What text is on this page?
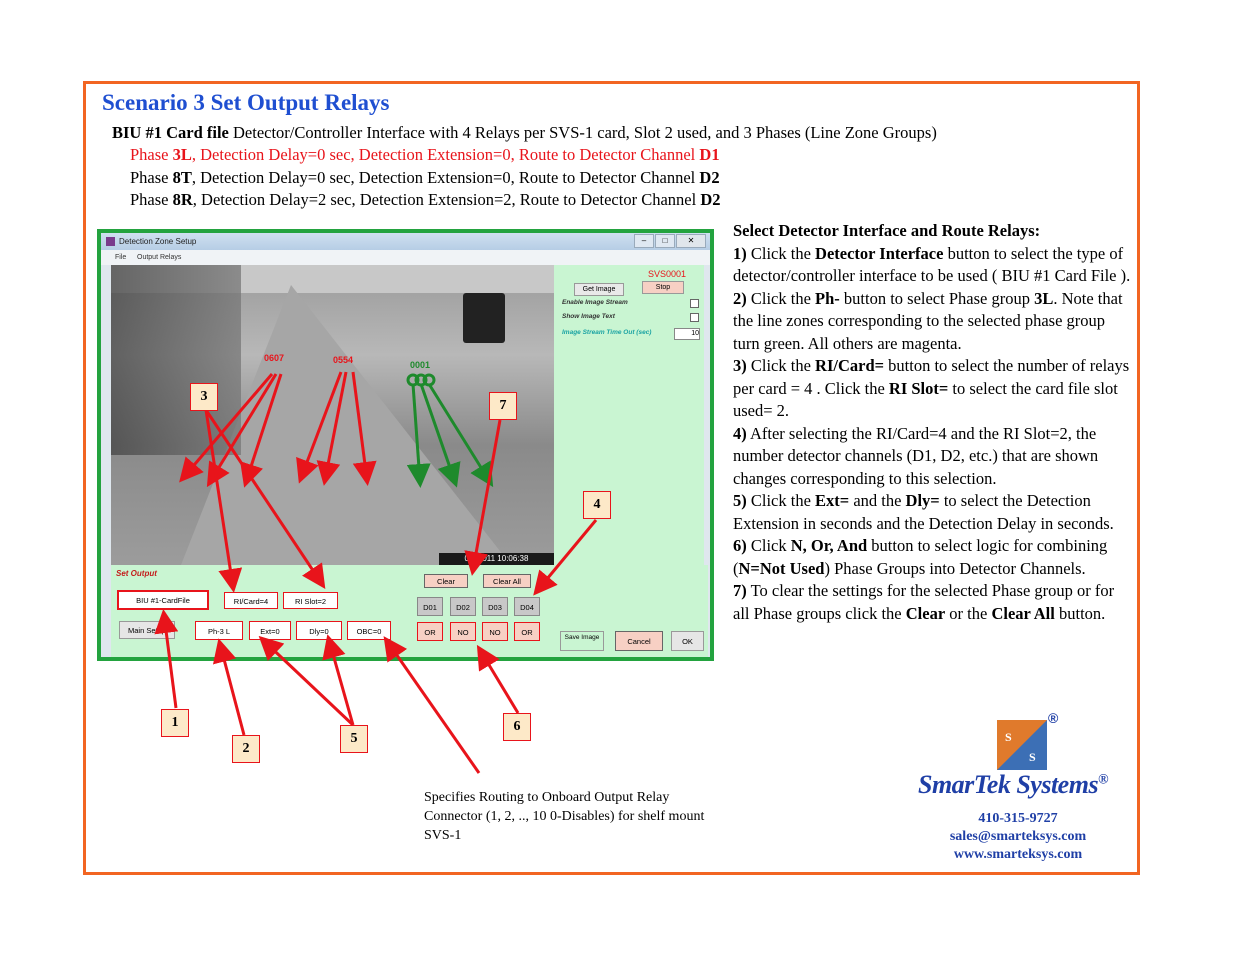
Scenario 3 Set Output Relays
BIU #1 Card file Detector/Controller Interface with 4 Relays per SVS-1 card, Slot 2 used, and 3 Phases (Line Zone Groups)
Phase 3L, Detection Delay=0 sec, Detection Extension=0, Route to Detector Channel D1
Phase 8T, Detection Delay=0 sec, Detection Extension=0, Route to Detector Channel D2
Phase 8R, Detection Delay=2 sec, Detection Extension=2, Route to Detector Channel D2
Detection Zone Setup	–	□	✕
File Output Relays
05/ 2011 10:06:38
SVS0001
Get Image	Stop
Enable Image Stream
Show Image Text
Image Stream Time Out (sec)	10
Set Output
BIU #1-CardFile
Main Setup
RI/Card=4	RI Slot=2
Ph-3 L	Ext=0	Dly=0	OBC=0
Clear	Clear All
D01	D02	D03	D04
OR	NO	NO	OR
Save Image	Cancel	OK
0607	0554	0001
1
2
3
4
5
6
7

Select Detector Interface and Route Relays:

1) Click the Detector Interface button to select the type of detector/controller interface to be used ( BIU #1 Card File ).

2) Click the Ph- button to select Phase group 3L. Note that the line zones corresponding to the selected phase group turn green. All others are magenta.

3) Click the RI/Card= button to select the number of relays per card = 4 . Click the RI Slot= to select the card file slot used= 2.

4) After selecting the RI/Card=4 and the RI Slot=2, the number detector channels (D1, D2, etc.) that are shown changes corresponding to this selection.

5) Click the Ext= and the Dly= to select the Detection Extension in seconds and the Detection Delay in seconds.

6) Click N, Or, And button to select logic for combining (N=Not Used) Phase Groups into Detector Channels.

7) To clear the settings for the selected Phase group or for all Phase groups click the Clear or the Clear All button.

Specifies Routing to Onboard Output Relay Connector (1, 2, .., 10 0-Disables) for shelf mount SVS-1
S
S
®
SmarTek Systems®
410-315-9727
sales@smarteksys.com
www.smarteksys.com
